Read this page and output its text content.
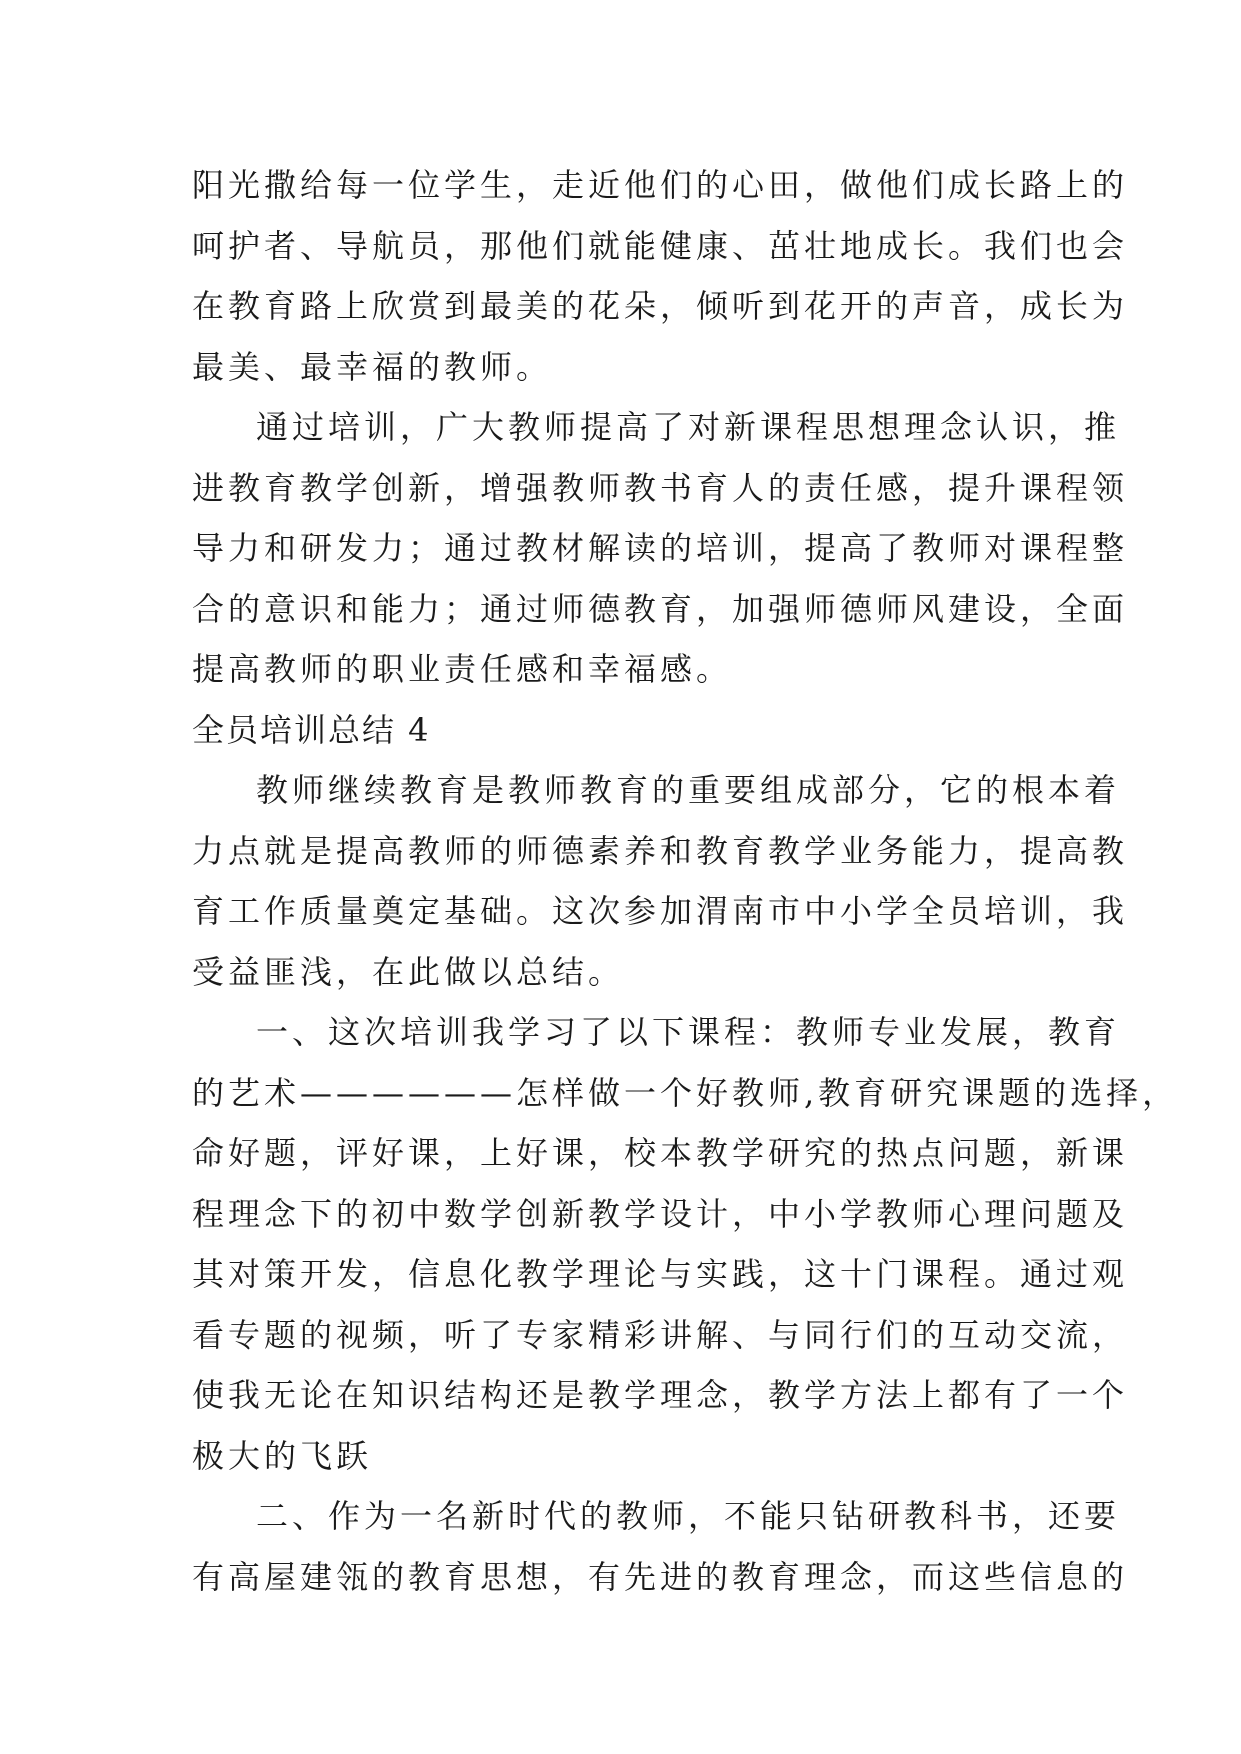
阳光撒给每一位学生，走近他们的心田，做他们成长路上的
呵护者、导航员，那他们就能健康、茁壮地成长。我们也会
在教育路上欣赏到最美的花朵，倾听到花开的声音，成长为
最美、最幸福的教师。
通过培训，广大教师提高了对新课程思想理念认识，推
进教育教学创新，增强教师教书育人的责任感，提升课程领
导力和研发力；通过教材解读的培训，提高了教师对课程整
合的意识和能力；通过师德教育，加强师德师风建设，全面
提高教师的职业责任感和幸福感。
全员培训总结 4
教师继续教育是教师教育的重要组成部分，它的根本着
力点就是提高教师的师德素养和教育教学业务能力，提高教
育工作质量奠定基础。这次参加渭南市中小学全员培训，我
受益匪浅，在此做以总结。
一、这次培训我学习了以下课程：教师专业发展，教育
的艺术——————怎样做一个好教师,教育研究课题的选择，
命好题，评好课，上好课，校本教学研究的热点问题，新课
程理念下的初中数学创新教学设计，中小学教师心理问题及
其对策开发，信息化教学理论与实践，这十门课程。通过观
看专题的视频，听了专家精彩讲解、与同行们的互动交流，
使我无论在知识结构还是教学理念，教学方法上都有了一个
极大的飞跃
二、作为一名新时代的教师，不能只钻研教科书，还要
有高屋建瓴的教育思想，有先进的教育理念，而这些信息的
